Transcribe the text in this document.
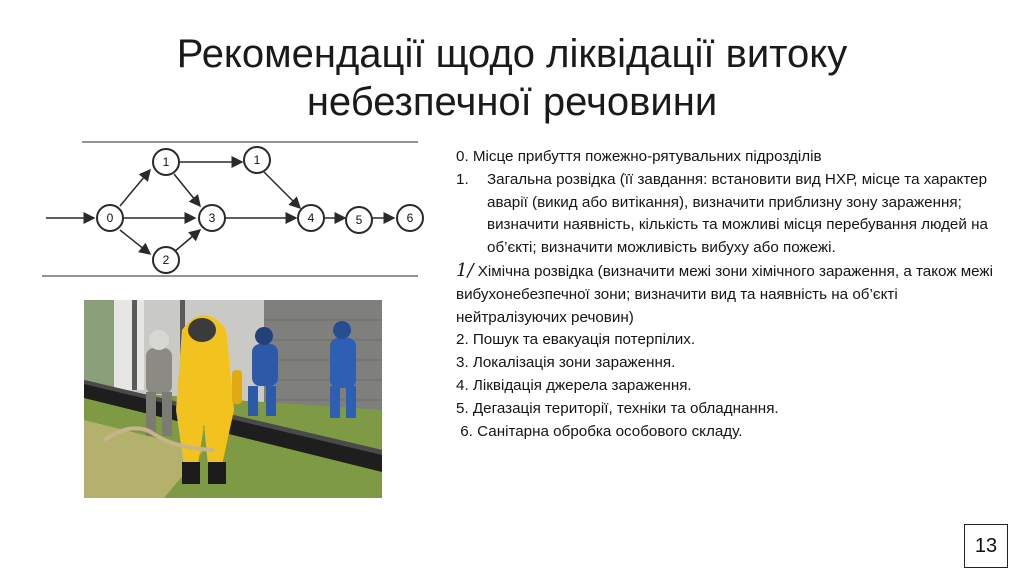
Рекомендації щодо ліквідації витоку
небезпечної речовини
0
1	1
2
3	4	5	6
0. Місце прибуття пожежно-рятувальних підрозділів
1.	Загальна розвідка (її завдання: встановити вид НХР, місце та характер аварії (викид або витікання), визначити приблизну зону зараження; визначити наявність, кількість та можливі місця перебування людей на об’єкті; визначити можливість вибуху або пожежі.
1/ Хімічна розвідка (визначити межі зони хімічного зараження, а також межі вибухонебезпечної зони; визначити вид та наявність на об’єкті нейтралізуючих речовин)
2. Пошук та евакуація потерпілих.
3. Локалізація зони зараження.
4. Ліквідація джерела зараження.
5. Дегазація території, техніки та обладнання.
6. Санітарна обробка особового складу.
13
